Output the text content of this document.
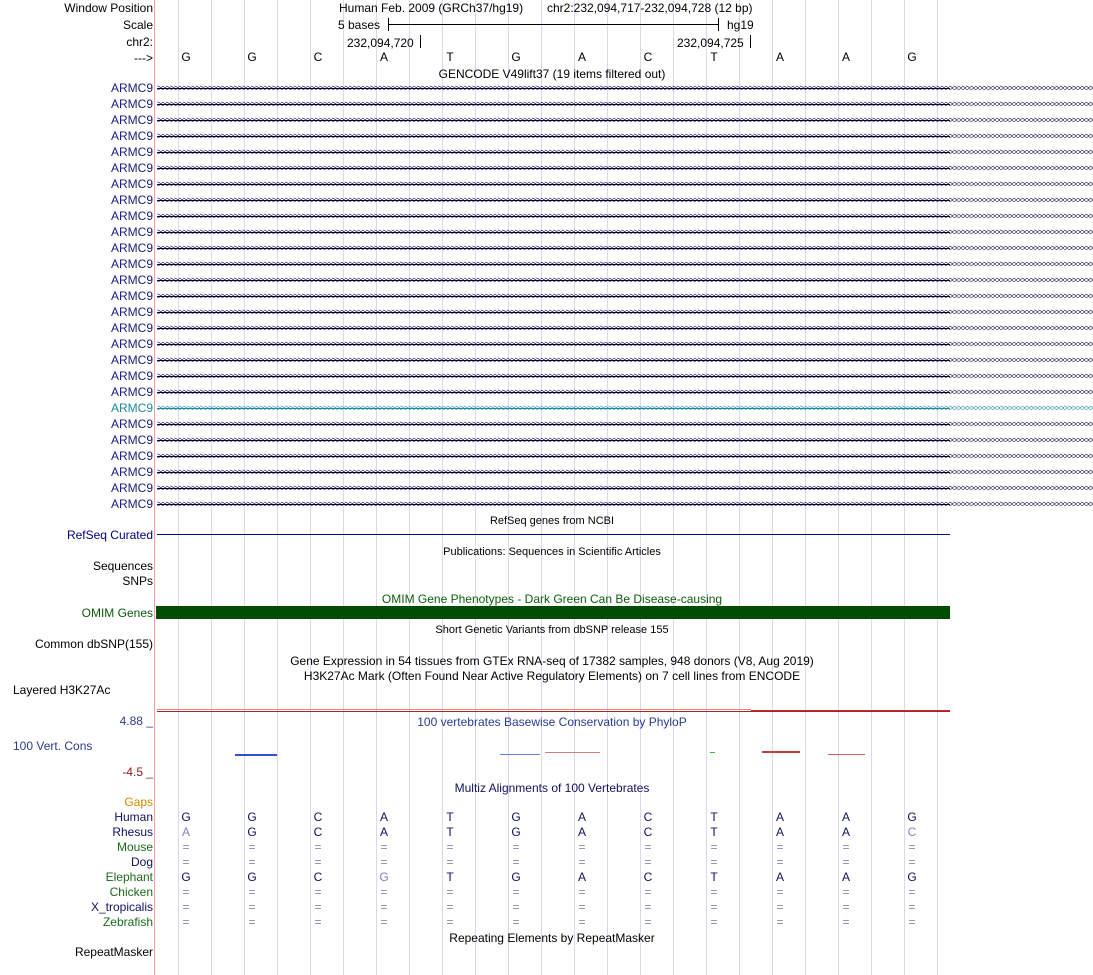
Window Position	Human Feb. 2009 (GRCh37/hg19) chr2:232,094,717-232,094,728 (12 bp)
Scale	5 bases	hg19
chr2:	232,094,720	232,094,725
--->	G	G	C	A	T	G	A	C	T	A	A	G
GENCODE V49lift37 (19 items filtered out)
ARMC9 >>>>>>>>>>>>>>>>>>>>>>>>>>>>>>>>>>>>>>>>>>>>>>>>>>>>>>>>>>>>>>>>>>>>>>>>>>>>>>>>>>>>>>>>>>>>>>>>>>>>>>>>>>>>>>>>>>>>>>>>>>>>>>>>>>>>>>>>>>>>>>>>>>>>>>>>>>>>>>>>>>>>>>>>>>>>>>>>>>>>>>>>>>>>>>>>>>>>>>>>>>>>>>>>>>>>>>>>>>>>
ARMC9 >>>>>>>>>>>>>>>>>>>>>>>>>>>>>>>>>>>>>>>>>>>>>>>>>>>>>>>>>>>>>>>>>>>>>>>>>>>>>>>>>>>>>>>>>>>>>>>>>>>>>>>>>>>>>>>>>>>>>>>>>>>>>>>>>>>>>>>>>>>>>>>>>>>>>>>>>>>>>>>>>>>>>>>>>>>>>>>>>>>>>>>>>>>>>>>>>>>>>>>>>>>>>>>>>>>>>>>>>>>>
ARMC9 >>>>>>>>>>>>>>>>>>>>>>>>>>>>>>>>>>>>>>>>>>>>>>>>>>>>>>>>>>>>>>>>>>>>>>>>>>>>>>>>>>>>>>>>>>>>>>>>>>>>>>>>>>>>>>>>>>>>>>>>>>>>>>>>>>>>>>>>>>>>>>>>>>>>>>>>>>>>>>>>>>>>>>>>>>>>>>>>>>>>>>>>>>>>>>>>>>>>>>>>>>>>>>>>>>>>>>>>>>>>
ARMC9 >>>>>>>>>>>>>>>>>>>>>>>>>>>>>>>>>>>>>>>>>>>>>>>>>>>>>>>>>>>>>>>>>>>>>>>>>>>>>>>>>>>>>>>>>>>>>>>>>>>>>>>>>>>>>>>>>>>>>>>>>>>>>>>>>>>>>>>>>>>>>>>>>>>>>>>>>>>>>>>>>>>>>>>>>>>>>>>>>>>>>>>>>>>>>>>>>>>>>>>>>>>>>>>>>>>>>>>>>>>>
ARMC9 >>>>>>>>>>>>>>>>>>>>>>>>>>>>>>>>>>>>>>>>>>>>>>>>>>>>>>>>>>>>>>>>>>>>>>>>>>>>>>>>>>>>>>>>>>>>>>>>>>>>>>>>>>>>>>>>>>>>>>>>>>>>>>>>>>>>>>>>>>>>>>>>>>>>>>>>>>>>>>>>>>>>>>>>>>>>>>>>>>>>>>>>>>>>>>>>>>>>>>>>>>>>>>>>>>>>>>>>>>>>
ARMC9 >>>>>>>>>>>>>>>>>>>>>>>>>>>>>>>>>>>>>>>>>>>>>>>>>>>>>>>>>>>>>>>>>>>>>>>>>>>>>>>>>>>>>>>>>>>>>>>>>>>>>>>>>>>>>>>>>>>>>>>>>>>>>>>>>>>>>>>>>>>>>>>>>>>>>>>>>>>>>>>>>>>>>>>>>>>>>>>>>>>>>>>>>>>>>>>>>>>>>>>>>>>>>>>>>>>>>>>>>>>>
ARMC9 >>>>>>>>>>>>>>>>>>>>>>>>>>>>>>>>>>>>>>>>>>>>>>>>>>>>>>>>>>>>>>>>>>>>>>>>>>>>>>>>>>>>>>>>>>>>>>>>>>>>>>>>>>>>>>>>>>>>>>>>>>>>>>>>>>>>>>>>>>>>>>>>>>>>>>>>>>>>>>>>>>>>>>>>>>>>>>>>>>>>>>>>>>>>>>>>>>>>>>>>>>>>>>>>>>>>>>>>>>>>
ARMC9 >>>>>>>>>>>>>>>>>>>>>>>>>>>>>>>>>>>>>>>>>>>>>>>>>>>>>>>>>>>>>>>>>>>>>>>>>>>>>>>>>>>>>>>>>>>>>>>>>>>>>>>>>>>>>>>>>>>>>>>>>>>>>>>>>>>>>>>>>>>>>>>>>>>>>>>>>>>>>>>>>>>>>>>>>>>>>>>>>>>>>>>>>>>>>>>>>>>>>>>>>>>>>>>>>>>>>>>>>>>>
ARMC9 >>>>>>>>>>>>>>>>>>>>>>>>>>>>>>>>>>>>>>>>>>>>>>>>>>>>>>>>>>>>>>>>>>>>>>>>>>>>>>>>>>>>>>>>>>>>>>>>>>>>>>>>>>>>>>>>>>>>>>>>>>>>>>>>>>>>>>>>>>>>>>>>>>>>>>>>>>>>>>>>>>>>>>>>>>>>>>>>>>>>>>>>>>>>>>>>>>>>>>>>>>>>>>>>>>>>>>>>>>>>
ARMC9 >>>>>>>>>>>>>>>>>>>>>>>>>>>>>>>>>>>>>>>>>>>>>>>>>>>>>>>>>>>>>>>>>>>>>>>>>>>>>>>>>>>>>>>>>>>>>>>>>>>>>>>>>>>>>>>>>>>>>>>>>>>>>>>>>>>>>>>>>>>>>>>>>>>>>>>>>>>>>>>>>>>>>>>>>>>>>>>>>>>>>>>>>>>>>>>>>>>>>>>>>>>>>>>>>>>>>>>>>>>>
ARMC9 >>>>>>>>>>>>>>>>>>>>>>>>>>>>>>>>>>>>>>>>>>>>>>>>>>>>>>>>>>>>>>>>>>>>>>>>>>>>>>>>>>>>>>>>>>>>>>>>>>>>>>>>>>>>>>>>>>>>>>>>>>>>>>>>>>>>>>>>>>>>>>>>>>>>>>>>>>>>>>>>>>>>>>>>>>>>>>>>>>>>>>>>>>>>>>>>>>>>>>>>>>>>>>>>>>>>>>>>>>>>
ARMC9 >>>>>>>>>>>>>>>>>>>>>>>>>>>>>>>>>>>>>>>>>>>>>>>>>>>>>>>>>>>>>>>>>>>>>>>>>>>>>>>>>>>>>>>>>>>>>>>>>>>>>>>>>>>>>>>>>>>>>>>>>>>>>>>>>>>>>>>>>>>>>>>>>>>>>>>>>>>>>>>>>>>>>>>>>>>>>>>>>>>>>>>>>>>>>>>>>>>>>>>>>>>>>>>>>>>>>>>>>>>>
ARMC9 >>>>>>>>>>>>>>>>>>>>>>>>>>>>>>>>>>>>>>>>>>>>>>>>>>>>>>>>>>>>>>>>>>>>>>>>>>>>>>>>>>>>>>>>>>>>>>>>>>>>>>>>>>>>>>>>>>>>>>>>>>>>>>>>>>>>>>>>>>>>>>>>>>>>>>>>>>>>>>>>>>>>>>>>>>>>>>>>>>>>>>>>>>>>>>>>>>>>>>>>>>>>>>>>>>>>>>>>>>>>
ARMC9 >>>>>>>>>>>>>>>>>>>>>>>>>>>>>>>>>>>>>>>>>>>>>>>>>>>>>>>>>>>>>>>>>>>>>>>>>>>>>>>>>>>>>>>>>>>>>>>>>>>>>>>>>>>>>>>>>>>>>>>>>>>>>>>>>>>>>>>>>>>>>>>>>>>>>>>>>>>>>>>>>>>>>>>>>>>>>>>>>>>>>>>>>>>>>>>>>>>>>>>>>>>>>>>>>>>>>>>>>>>>
ARMC9 >>>>>>>>>>>>>>>>>>>>>>>>>>>>>>>>>>>>>>>>>>>>>>>>>>>>>>>>>>>>>>>>>>>>>>>>>>>>>>>>>>>>>>>>>>>>>>>>>>>>>>>>>>>>>>>>>>>>>>>>>>>>>>>>>>>>>>>>>>>>>>>>>>>>>>>>>>>>>>>>>>>>>>>>>>>>>>>>>>>>>>>>>>>>>>>>>>>>>>>>>>>>>>>>>>>>>>>>>>>>
ARMC9 >>>>>>>>>>>>>>>>>>>>>>>>>>>>>>>>>>>>>>>>>>>>>>>>>>>>>>>>>>>>>>>>>>>>>>>>>>>>>>>>>>>>>>>>>>>>>>>>>>>>>>>>>>>>>>>>>>>>>>>>>>>>>>>>>>>>>>>>>>>>>>>>>>>>>>>>>>>>>>>>>>>>>>>>>>>>>>>>>>>>>>>>>>>>>>>>>>>>>>>>>>>>>>>>>>>>>>>>>>>>
ARMC9 >>>>>>>>>>>>>>>>>>>>>>>>>>>>>>>>>>>>>>>>>>>>>>>>>>>>>>>>>>>>>>>>>>>>>>>>>>>>>>>>>>>>>>>>>>>>>>>>>>>>>>>>>>>>>>>>>>>>>>>>>>>>>>>>>>>>>>>>>>>>>>>>>>>>>>>>>>>>>>>>>>>>>>>>>>>>>>>>>>>>>>>>>>>>>>>>>>>>>>>>>>>>>>>>>>>>>>>>>>>>
ARMC9 >>>>>>>>>>>>>>>>>>>>>>>>>>>>>>>>>>>>>>>>>>>>>>>>>>>>>>>>>>>>>>>>>>>>>>>>>>>>>>>>>>>>>>>>>>>>>>>>>>>>>>>>>>>>>>>>>>>>>>>>>>>>>>>>>>>>>>>>>>>>>>>>>>>>>>>>>>>>>>>>>>>>>>>>>>>>>>>>>>>>>>>>>>>>>>>>>>>>>>>>>>>>>>>>>>>>>>>>>>>>
ARMC9 >>>>>>>>>>>>>>>>>>>>>>>>>>>>>>>>>>>>>>>>>>>>>>>>>>>>>>>>>>>>>>>>>>>>>>>>>>>>>>>>>>>>>>>>>>>>>>>>>>>>>>>>>>>>>>>>>>>>>>>>>>>>>>>>>>>>>>>>>>>>>>>>>>>>>>>>>>>>>>>>>>>>>>>>>>>>>>>>>>>>>>>>>>>>>>>>>>>>>>>>>>>>>>>>>>>>>>>>>>>>
ARMC9 >>>>>>>>>>>>>>>>>>>>>>>>>>>>>>>>>>>>>>>>>>>>>>>>>>>>>>>>>>>>>>>>>>>>>>>>>>>>>>>>>>>>>>>>>>>>>>>>>>>>>>>>>>>>>>>>>>>>>>>>>>>>>>>>>>>>>>>>>>>>>>>>>>>>>>>>>>>>>>>>>>>>>>>>>>>>>>>>>>>>>>>>>>>>>>>>>>>>>>>>>>>>>>>>>>>>>>>>>>>>
ARMC9 >>>>>>>>>>>>>>>>>>>>>>>>>>>>>>>>>>>>>>>>>>>>>>>>>>>>>>>>>>>>>>>>>>>>>>>>>>>>>>>>>>>>>>>>>>>>>>>>>>>>>>>>>>>>>>>>>>>>>>>>>>>>>>>>>>>>>>>>>>>>>>>>>>>>>>>>>>>>>>>>>>>>>>>>>>>>>>>>>>>>>>>>>>>>>>>>>>>>>>>>>>>>>>>>>>>>>>>>>>>>
ARMC9 >>>>>>>>>>>>>>>>>>>>>>>>>>>>>>>>>>>>>>>>>>>>>>>>>>>>>>>>>>>>>>>>>>>>>>>>>>>>>>>>>>>>>>>>>>>>>>>>>>>>>>>>>>>>>>>>>>>>>>>>>>>>>>>>>>>>>>>>>>>>>>>>>>>>>>>>>>>>>>>>>>>>>>>>>>>>>>>>>>>>>>>>>>>>>>>>>>>>>>>>>>>>>>>>>>>>>>>>>>>>
ARMC9 >>>>>>>>>>>>>>>>>>>>>>>>>>>>>>>>>>>>>>>>>>>>>>>>>>>>>>>>>>>>>>>>>>>>>>>>>>>>>>>>>>>>>>>>>>>>>>>>>>>>>>>>>>>>>>>>>>>>>>>>>>>>>>>>>>>>>>>>>>>>>>>>>>>>>>>>>>>>>>>>>>>>>>>>>>>>>>>>>>>>>>>>>>>>>>>>>>>>>>>>>>>>>>>>>>>>>>>>>>>>
ARMC9 >>>>>>>>>>>>>>>>>>>>>>>>>>>>>>>>>>>>>>>>>>>>>>>>>>>>>>>>>>>>>>>>>>>>>>>>>>>>>>>>>>>>>>>>>>>>>>>>>>>>>>>>>>>>>>>>>>>>>>>>>>>>>>>>>>>>>>>>>>>>>>>>>>>>>>>>>>>>>>>>>>>>>>>>>>>>>>>>>>>>>>>>>>>>>>>>>>>>>>>>>>>>>>>>>>>>>>>>>>>>
ARMC9 >>>>>>>>>>>>>>>>>>>>>>>>>>>>>>>>>>>>>>>>>>>>>>>>>>>>>>>>>>>>>>>>>>>>>>>>>>>>>>>>>>>>>>>>>>>>>>>>>>>>>>>>>>>>>>>>>>>>>>>>>>>>>>>>>>>>>>>>>>>>>>>>>>>>>>>>>>>>>>>>>>>>>>>>>>>>>>>>>>>>>>>>>>>>>>>>>>>>>>>>>>>>>>>>>>>>>>>>>>>>
ARMC9 >>>>>>>>>>>>>>>>>>>>>>>>>>>>>>>>>>>>>>>>>>>>>>>>>>>>>>>>>>>>>>>>>>>>>>>>>>>>>>>>>>>>>>>>>>>>>>>>>>>>>>>>>>>>>>>>>>>>>>>>>>>>>>>>>>>>>>>>>>>>>>>>>>>>>>>>>>>>>>>>>>>>>>>>>>>>>>>>>>>>>>>>>>>>>>>>>>>>>>>>>>>>>>>>>>>>>>>>>>>>
ARMC9 >>>>>>>>>>>>>>>>>>>>>>>>>>>>>>>>>>>>>>>>>>>>>>>>>>>>>>>>>>>>>>>>>>>>>>>>>>>>>>>>>>>>>>>>>>>>>>>>>>>>>>>>>>>>>>>>>>>>>>>>>>>>>>>>>>>>>>>>>>>>>>>>>>>>>>>>>>>>>>>>>>>>>>>>>>>>>>>>>>>>>>>>>>>>>>>>>>>>>>>>>>>>>>>>>>>>>>>>>>>>
RefSeq genes from NCBI
RefSeq Curated
Publications: Sequences in Scientific Articles
Sequences
SNPs
OMIM Gene Phenotypes - Dark Green Can Be Disease-causing
OMIM Genes
Short Genetic Variants from dbSNP release 155
Common dbSNP(155)
Gene Expression in 54 tissues from GTEx RNA-seq of 17382 samples, 948 donors (V8, Aug 2019)
H3K27Ac Mark (Often Found Near Active Regulatory Elements) on 7 cell lines from ENCODE
Layered H3K27Ac
100 vertebrates Basewise Conservation by PhyloP
4.88 _
100 Vert. Cons
-4.5 _
Multiz Alignments of 100 Vertebrates
Gaps
Human	G	G	C	A	T	G	A	C	T	A	A	G
Rhesus	A	G	C	A	T	G	A	C	T	A	A	C
Mouse	=	=	=	=	=	=	=	=	=	=	=	=
Dog	=	=	=	=	=	=	=	=	=	=	=	=
Elephant	G	G	C	G	T	G	A	C	T	A	A	G
Chicken	=	=	=	=	=	=	=	=	=	=	=	=
X_tropicalis	=	=	=	=	=	=	=	=	=	=	=	=
Zebrafish	=	=	=	=	=	=	=	=	=	=	=	=
Repeating Elements by RepeatMasker
RepeatMasker
